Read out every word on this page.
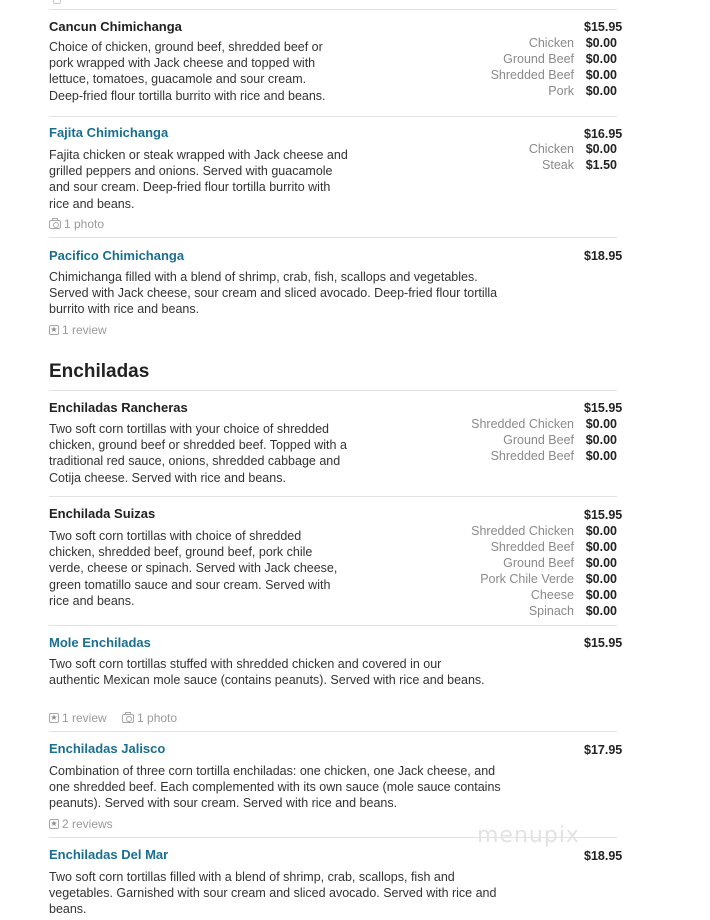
Cancun Chimichanga
Choice of chicken, ground beef, shredded beef or pork wrapped with Jack cheese and topped with lettuce, tomatoes, guacamole and sour cream. Deep-fried flour tortilla burrito with rice and beans.
$15.95
Chicken $0.00
Ground Beef $0.00
Shredded Beef $0.00
Pork $0.00
Fajita Chimichanga
Fajita chicken or steak wrapped with Jack cheese and grilled peppers and onions. Served with guacamole and sour cream. Deep-fried flour tortilla burrito with rice and beans.
1 photo
$16.95
Chicken $0.00
Steak $1.50
Pacifico Chimichanga
Chimichanga filled with a blend of shrimp, crab, fish, scallops and vegetables. Served with Jack cheese, sour cream and sliced avocado. Deep-fried flour tortilla burrito with rice and beans.
★
1 review
$18.95
Enchiladas
Enchiladas Rancheras
Two soft corn tortillas with your choice of shredded chicken, ground beef or shredded beef. Topped with a traditional red sauce, onions, shredded cabbage and Cotija cheese. Served with rice and beans.
$15.95
Shredded Chicken $0.00
Ground Beef $0.00
Shredded Beef $0.00
Enchilada Suizas
Two soft corn tortillas with choice of shredded chicken, shredded beef, ground beef, pork chile verde, cheese or spinach. Served with Jack cheese, green tomatillo sauce and sour cream. Served with rice and beans.
$15.95
Shredded Chicken $0.00
Shredded Beef $0.00
Ground Beef $0.00
Pork Chile Verde $0.00
Cheese $0.00
Spinach $0.00
Mole Enchiladas
Two soft corn tortillas stuffed with shredded chicken and covered in our authentic Mexican mole sauce (contains peanuts). Served with rice and beans.
★
1 review
	1 photo
$15.95
Enchiladas Jalisco
Combination of three corn tortilla enchiladas: one chicken, one Jack cheese, and one shredded beef. Each complemented with its own sauce (mole sauce contains peanuts). Served with sour cream. Served with rice and beans.
★
2 reviews
$17.95
Enchiladas Del Mar
Two soft corn tortillas filled with a blend of shrimp, crab, scallops, fish and vegetables. Garnished with sour cream and sliced avocado. Served with rice and beans.
$18.95
menupix
